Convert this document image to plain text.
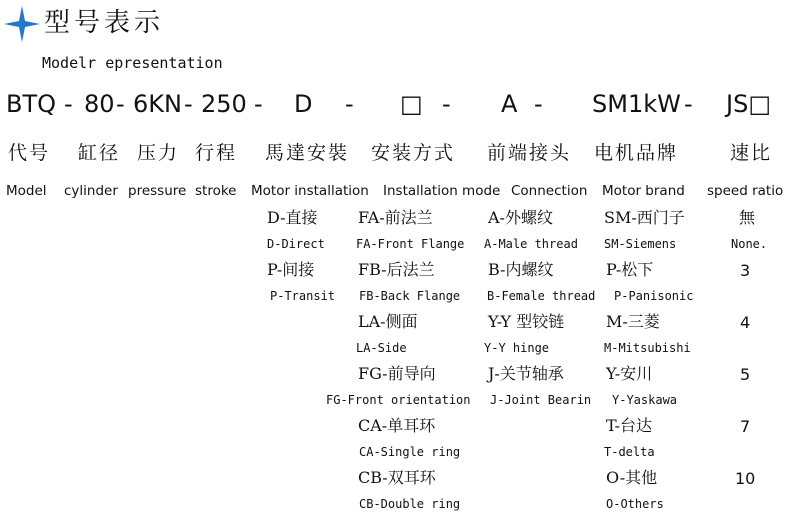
型号表示
Modelr epresentation
BTQ - 80 - 6KN - 250 - D - □ - A - SM1kW - JS□
代号 缸径 压力 行程 馬達安裝 安装方式 前端接头 电机品牌	速比
Model cylinder pressure stroke Motor installation Installation mode Connection Motor brand speed ratio
D-直接
D-Direct
P-间接
P-Transit
FA-前法兰
FA-Front Flange
FB-后法兰
FB-Back Flange
LA-侧面
LA-Side
FG-前导向
FG-Front orientation
CA-单耳环
CA-Single ring
CB-双耳环
CB-Double ring
A-外螺纹
A-Male thread
B-内螺纹
B-Female thread
Y-Y 型铰链
Y-Y hinge
J-关节轴承
J-Joint Bearin
SM-西门子
SM-Siemens
P-松下
P-Panisonic
M-三菱
M-Mitsubishi
Y-安川
Y-Yaskawa
T-台达
T-delta
O-其他
O-Others
無
None.
3
4
5
7
10
